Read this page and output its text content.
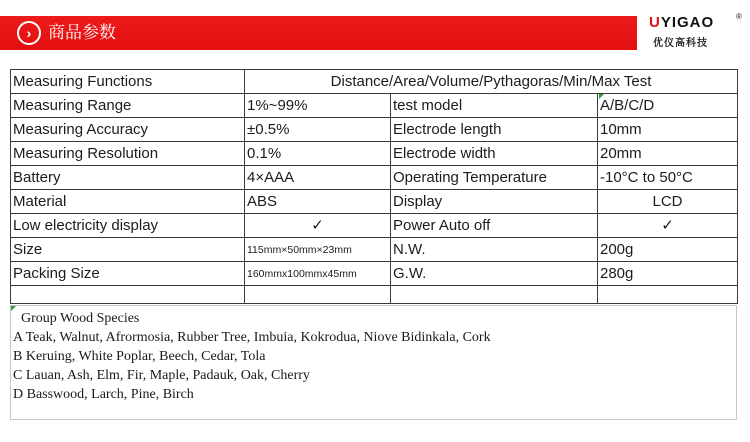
› 商品参数
UYIGAO	®
优仪高科技
Measuring Functions	Distance/Area/Volume/Pythagoras/Min/Max Test		
Measuring Range	1%~99%	test model	A/B/C/D
Measuring Accuracy	±0.5%	Electrode length	10mm
Measuring Resolution	0.1%	Electrode width	20mm
Battery	4×AAA	Operating Temperature	-10°C to 50°C
Material	ABS	Display	LCD
Low electricity display	✓	Power Auto off	✓
Size	115mm×50mm×23mm	N.W.	200g
Packing Size	160mmx100mmx45mm	G.W.	280g

Group Wood Species
A Teak, Walnut, Afrormosia, Rubber Tree, Imbuia, Kokrodua, Niove Bidinkala, Cork
B Keruing, White Poplar, Beech, Cedar, Tola
C Lauan, Ash, Elm, Fir, Maple, Padauk, Oak, Cherry
D Basswood, Larch, Pine, Birch
